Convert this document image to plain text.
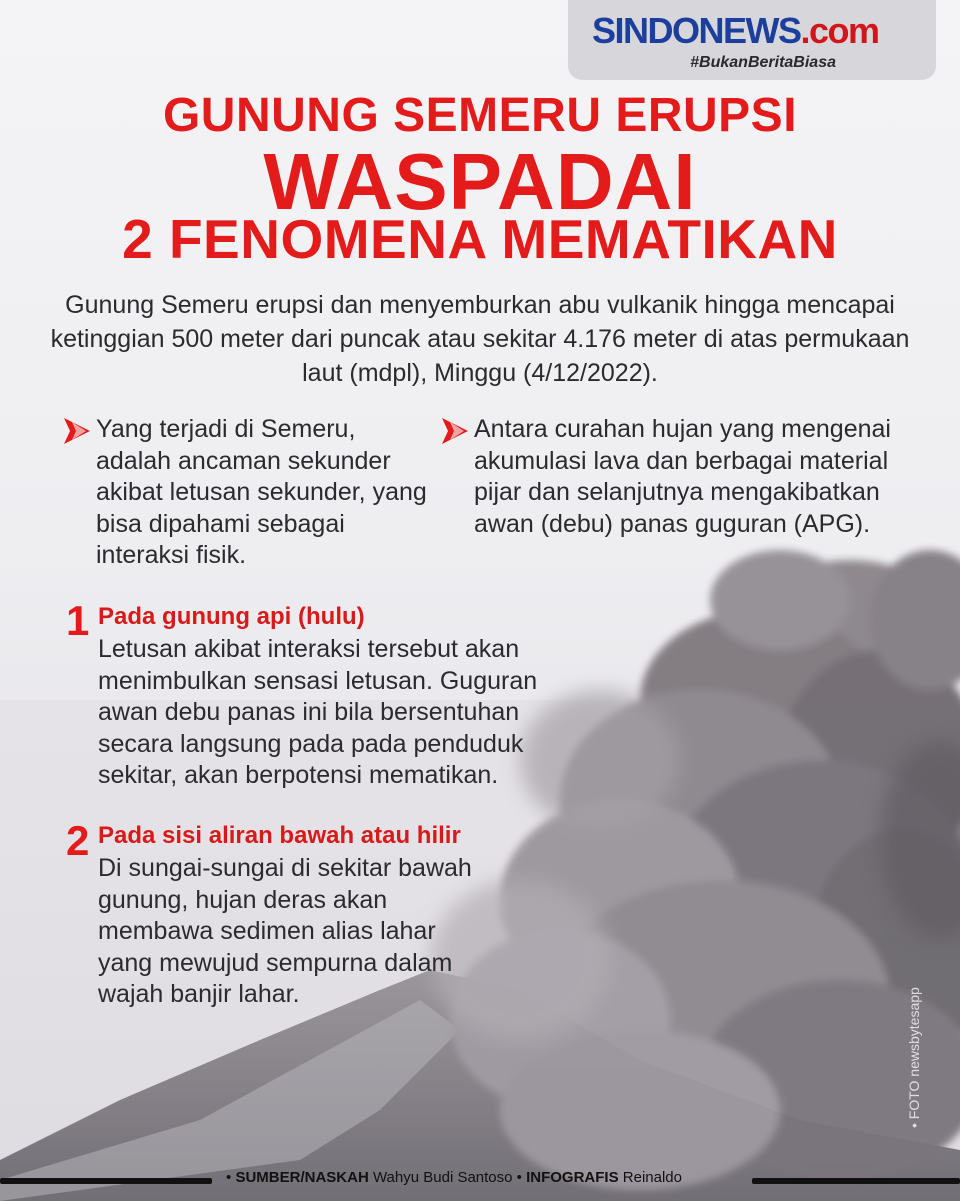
SINDONEWS.com
#BukanBeritaBiasa
GUNUNG SEMERU ERUPSI
WASPADAI
2 FENOMENA MEMATIKAN
Gunung Semeru erupsi dan menyemburkan abu vulkanik hingga mencapai ketinggian 500 meter dari puncak atau sekitar 4.176 meter di atas permukaan laut (mdpl), Minggu (4/12/2022).
Yang terjadi di Semeru, adalah ancaman sekunder akibat letusan sekunder, yang bisa dipahami sebagai interaksi fisik.
Antara curahan hujan yang mengenai akumulasi lava dan berbagai material pijar dan selanjutnya mengakibatkan awan (debu) panas guguran (APG).
1 Pada gunung api (hulu)
Letusan akibat interaksi tersebut akan menimbulkan sensasi letusan. Guguran awan debu panas ini bila bersentuhan secara langsung pada pada penduduk sekitar, akan berpotensi mematikan.
2 Pada sisi aliran bawah atau hilir
Di sungai-sungai di sekitar bawah gunung, hujan deras akan membawa sedimen alias lahar yang mewujud sempurna dalam wajah banjir lahar.	• FOTO newsbytesapp
• SUMBER/NASKAH Wahyu Budi Santoso • INFOGRAFIS Reinaldo
